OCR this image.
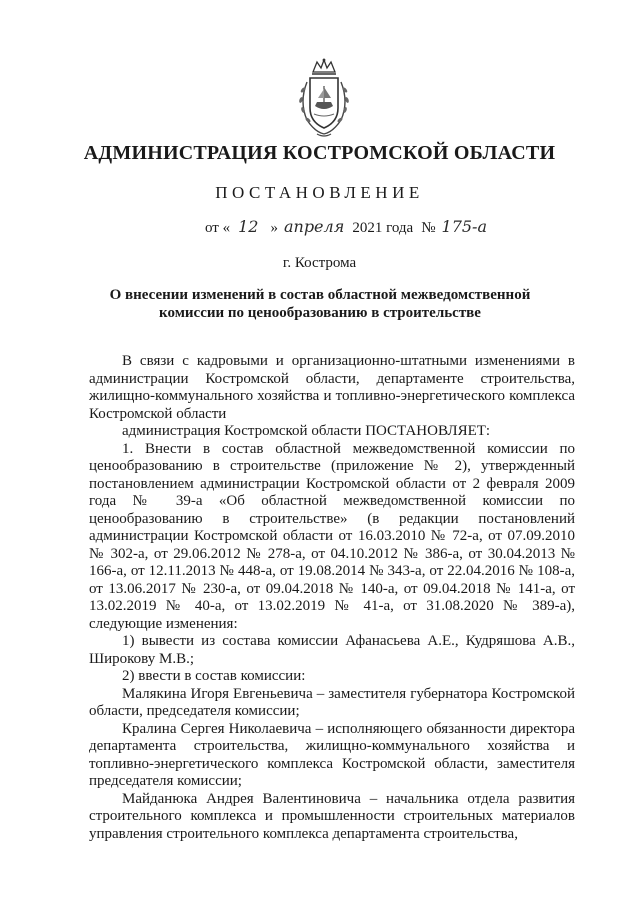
АДМИНИСТРАЦИЯ КОСТРОМСКОЙ ОБЛАСТИ
ПОСТАНОВЛЕНИЕ
от « 12 » апреля 2021 года № 175-а
г. Кострома
О внесении изменений в состав областной межведомственной
комиссии по ценообразованию в строительстве

В связи с кадровыми и организационно-штатными изменениями в администрации Костромской области, департаменте строительства, жилищно-коммунального хозяйства и топливно-энергетического комплекса Костромской области

администрация Костромской области ПОСТАНОВЛЯЕТ:

1. Внести в состав областной межведомственной комиссии по ценообразованию в строительстве (приложение № 2), утвержденный постановлением администрации Костромской области от 2 февраля 2009 года № 39-а «Об областной межведомственной комиссии по ценообразованию в строительстве» (в редакции постановлений администрации Костромской области от 16.03.2010 № 72-а, от 07.09.2010 № 302-а, от 29.06.2012 № 278-а, от 04.10.2012 № 386-а, от 30.04.2013 № 166-а, от 12.11.2013 № 448-а, от 19.08.2014 № 343-а, от 22.04.2016 № 108-а, от 13.06.2017 № 230-а, от 09.04.2018 № 140-а, от 09.04.2018 № 141-а, от 13.02.2019 № 40-а, от 13.02.2019 № 41-а, от 31.08.2020 № 389-а), следующие изменения:

1) вывести из состава комиссии Афанасьева А.Е., Кудряшова А.В., Широкову М.В.;

2) ввести в состав комиссии:

Малякина Игоря Евгеньевича – заместителя губернатора Костромской области, председателя комиссии;

Кралина Сергея Николаевича – исполняющего обязанности директора департамента строительства, жилищно-коммунального хозяйства и топливно-энергетического комплекса Костромской области, заместителя председателя комиссии;

Майданюка Андрея Валентиновича – начальника отдела развития строительного комплекса и промышленности строительных материалов управления строительного комплекса департамента строительства,
